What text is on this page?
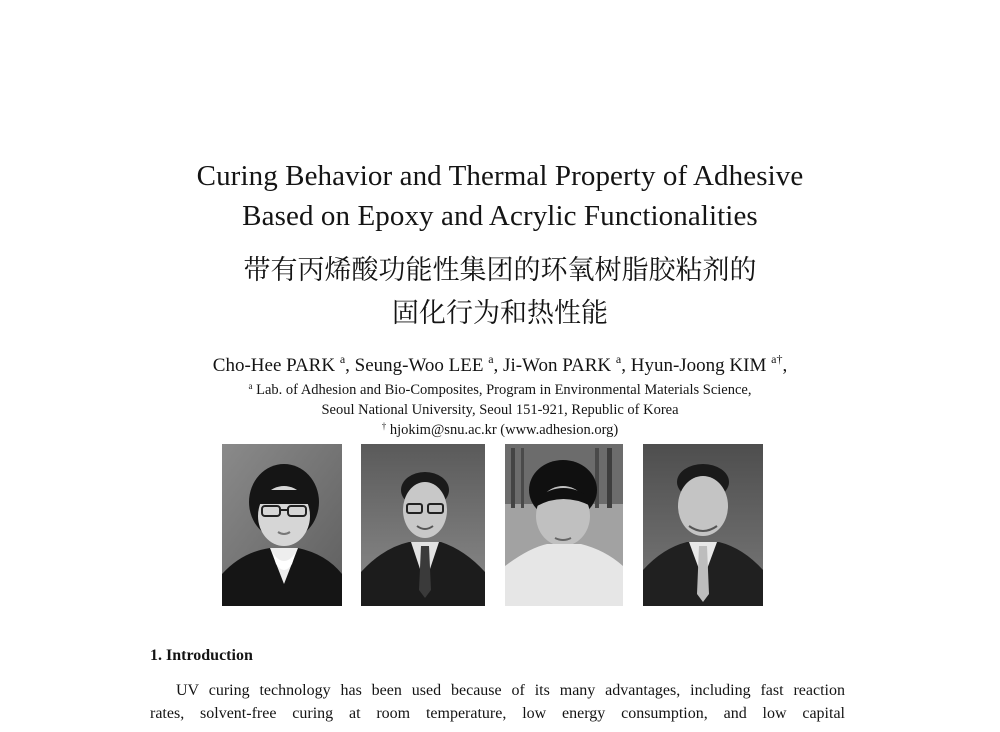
Curing Behavior and Thermal Property of Adhesive
Based on Epoxy and Acrylic Functionalities
带有丙烯酸功能性集团的环氧树脂胶粘剂的
固化行为和热性能
Cho-Hee PARK $^a$, Seung-Woo LEE $^a$, Ji-Won PARK $^a$, Hyun-Joong KIM $^{a\dagger}$,
$^a$ Lab. of Adhesion and Bio-Composites, Program in Environmental Materials Science,
Seoul National University, Seoul 151-921, Republic of Korea
† hjokim@snu.ac.kr (www.adhesion.org)
1. Introduction
UV curing technology has been used because of its many advantages, including fast reaction
rates, solvent-free curing at room temperature, low energy consumption, and low capital
